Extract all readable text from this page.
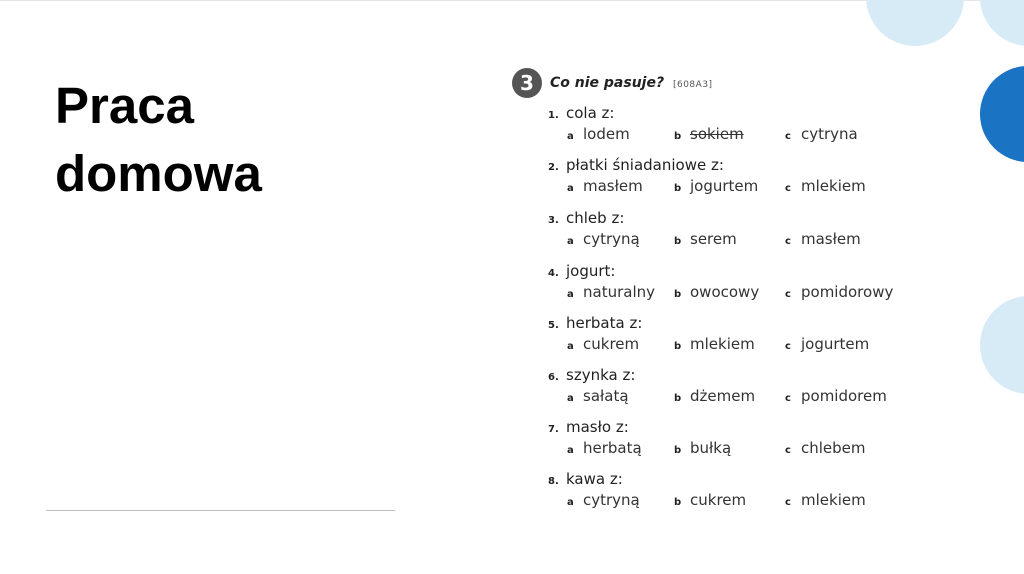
Praca
domowa
3	Co nie pasuje? [608A3]
1. cola z:
a lodem	b sokiem	c cytryna
2. płatki śniadaniowe z:
a masłem	b jogurtem	c mlekiem
3. chleb z:
a cytryną	b serem	c masłem
4. jogurt:
a naturalny b owocowy	c pomidorowy
5. herbata z:
a cukrem	b mlekiem	c jogurtem
6. szynka z:
a sałatą	b dżemem	c pomidorem
7. masło z:
a herbatą	b bułką	c chlebem
8. kawa z:
a cytryną	b cukrem	c mlekiem
